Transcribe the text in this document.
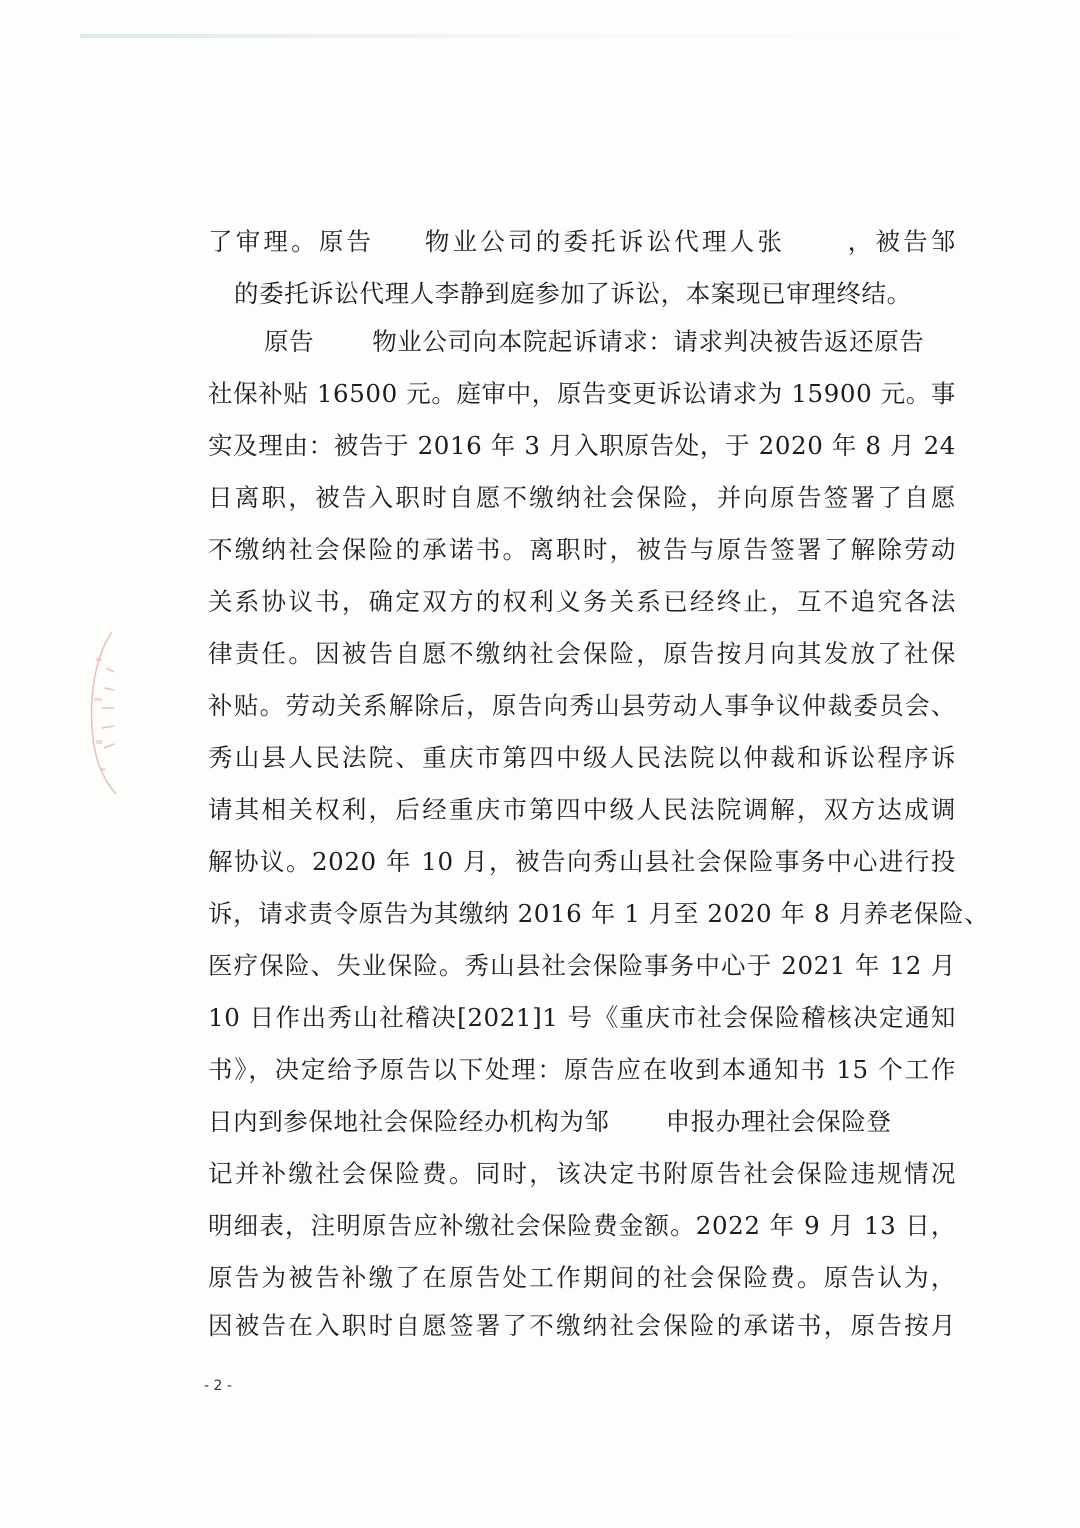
了审理。原告 物业公司的委托诉讼代理人张 ，被告邹
的委托诉讼代理人李静到庭参加了诉讼，本案现已审理终结。
原告 物业公司向本院起诉请求：请求判决被告返还原告
社保补贴 16500 元。庭审中，原告变更诉讼请求为 15900 元。事
实及理由：被告于 2016 年 3 月入职原告处，于 2020 年 8 月 24
日离职，被告入职时自愿不缴纳社会保险，并向原告签署了自愿
不缴纳社会保险的承诺书。离职时，被告与原告签署了解除劳动
关系协议书，确定双方的权利义务关系已经终止，互不追究各法
律责任。因被告自愿不缴纳社会保险，原告按月向其发放了社保
补贴。劳动关系解除后，原告向秀山县劳动人事争议仲裁委员会、
秀山县人民法院、重庆市第四中级人民法院以仲裁和诉讼程序诉
请其相关权利，后经重庆市第四中级人民法院调解，双方达成调
解协议。2020 年 10 月，被告向秀山县社会保险事务中心进行投
诉，请求责令原告为其缴纳 2016 年 1 月至 2020 年 8 月养老保险、
医疗保险、失业保险。秀山县社会保险事务中心于 2021 年 12 月
10 日作出秀山社稽决[2021]1 号《重庆市社会保险稽核决定通知
书》，决定给予原告以下处理：原告应在收到本通知书 15 个工作
日内到参保地社会保险经办机构为邹 申报办理社会保险登
记并补缴社会保险费。同时，该决定书附原告社会保险违规情况
明细表，注明原告应补缴社会保险费金额。2022 年 9 月 13 日，
原告为被告补缴了在原告处工作期间的社会保险费。原告认为，
因被告在入职时自愿签署了不缴纳社会保险的承诺书，原告按月
- 2 -
